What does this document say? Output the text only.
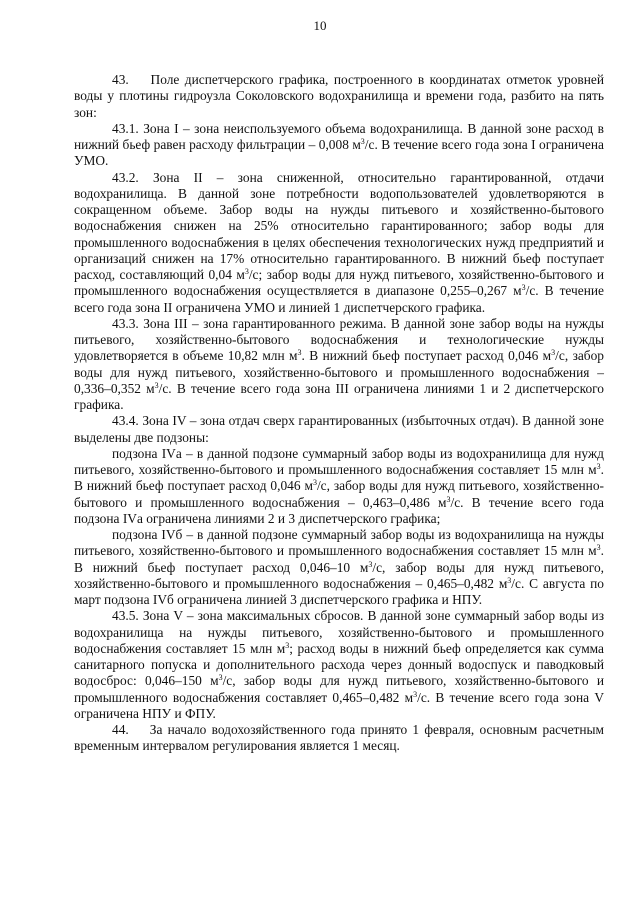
10

43.    Поле диспетчерского графика, построенного в координатах отметок уровней воды у плотины гидроузла Соколовского водохранилища и времени года, разбито на пять зон:

43.1. Зона I – зона неиспользуемого объема водохранилища. В данной зоне расход в нижний бьеф равен расходу фильтрации – 0,008 $м^3/с$. В течение всего года зона I ограничена УМО.

43.2. Зона II – зона сниженной, относительно гарантированной, отдачи водохранилища. В данной зоне потребности водопользователей удовлетворяются в сокращенном объеме. Забор воды на нужды питьевого и хозяйственно-бытового водоснабжения снижен на 25% относительно гарантированного; забор воды для промышленного водоснабжения в целях обеспечения технологических нужд предприятий и организаций снижен на 17% относительно гарантированного. В нижний бьеф поступает расход, составляющий 0,04 $м^3/с$; забор воды для нужд питьевого, хозяйственно-бытового и промышленного водоснабжения осуществляется в диапазоне 0,255–0,267 $м^3/с$. В течение всего года зона II ограничена УМО и линией 1 диспетчерского графика.

43.3. Зона III – зона гарантированного режима. В данной зоне забор воды на нужды питьевого, хозяйственно-бытового водоснабжения и технологические нужды удовлетворяется в объеме 10,82 млн $м^3$. В нижний бьеф поступает расход 0,046 $м^3/с$, забор воды для нужд питьевого, хозяйственно-бытового и промышленного водоснабжения – 0,336–0,352 $м^3/с$. В течение всего года зона III ограничена линиями 1 и 2 диспетчерского графика.

43.4. Зона IV – зона отдач сверх гарантированных (избыточных отдач). В данной зоне выделены две подзоны:

подзона IVа – в данной подзоне суммарный забор воды из водохранилища для нужд питьевого, хозяйственно-бытового и промышленного водоснабжения составляет 15 млн $м^3$. В нижний бьеф поступает расход 0,046 $м^3/с$, забор воды для нужд питьевого, хозяйственно-бытового и промышленного водоснабжения – 0,463–0,486 $м^3/с$. В течение всего года подзона IVа ограничена линиями 2 и 3 диспетчерского графика;

подзона IVб – в данной подзоне суммарный забор воды из водохранилища на нужды питьевого, хозяйственно-бытового и промышленного водоснабжения составляет 15 млн $м^3$. В нижний бьеф поступает расход 0,046–10 $м^3/с$, забор воды для нужд питьевого, хозяйственно-бытового и промышленного водоснабжения – 0,465–0,482 $м^3/с$. С августа по март подзона IVб ограничена линией 3 диспетчерского графика и НПУ.

43.5. Зона V – зона максимальных сбросов. В данной зоне суммарный забор воды из водохранилища на нужды питьевого, хозяйственно-бытового и промышленного водоснабжения составляет 15 млн $м^3$; расход воды в нижний бьеф определяется как сумма санитарного попуска и дополнительного расхода через донный водоспуск и паводковый водосброс: 0,046–150 $м^3/с$, забор воды для нужд питьевого, хозяйственно-бытового и промышленного водоснабжения составляет 0,465–0,482 $м^3/с$. В течение всего года зона V ограничена НПУ и ФПУ.

44.    За начало водохозяйственного года принято 1 февраля, основным расчетным временным интервалом регулирования является 1 месяц.
